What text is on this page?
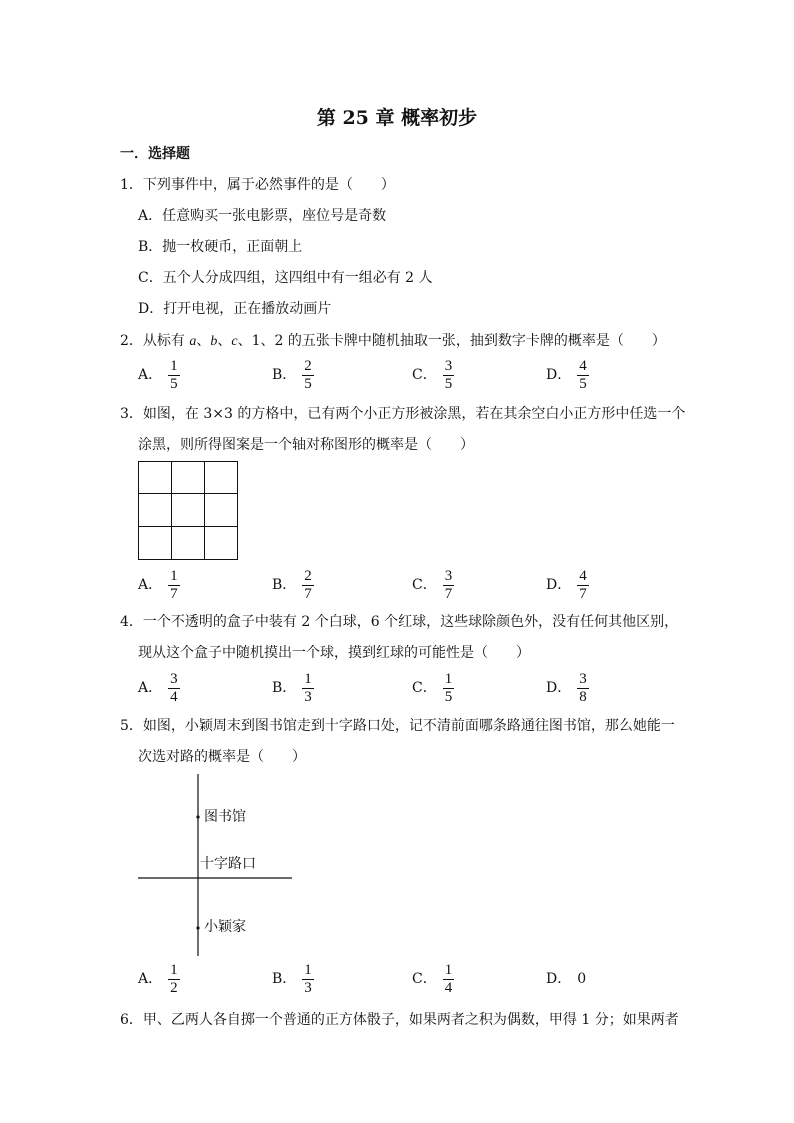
第 25 章 概率初步
一．选择题
1．下列事件中，属于必然事件的是（　　）
A．任意购买一张电影票，座位号是奇数
B．抛一枚硬币，正面朝上
C．五个人分成四组，这四组中有一组必有 2 人
D．打开电视，正在播放动画片
2．从标有 a、b、c、1、2 的五张卡牌中随机抽取一张，抽到数字卡牌的概率是（　　）
A． $\frac{1}{5}$	B． $\frac{2}{5}$	C． $\frac{3}{5}$	D． $\frac{4}{5}$
3．如图，在 3×3 的方格中，已有两个小正方形被涂黑，若在其余空白小正方形中任选一个
涂黑，则所得图案是一个轴对称图形的概率是（　　）
A． $\frac{1}{7}$	B． $\frac{2}{7}$	C． $\frac{3}{7}$	D． $\frac{4}{7}$
4．一个不透明的盒子中装有 2 个白球，6 个红球，这些球除颜色外，没有任何其他区别，
现从这个盒子中随机摸出一个球，摸到红球的可能性是（　　）
A． $\frac{3}{4}$	B． $\frac{1}{3}$	C． $\frac{1}{5}$	D． $\frac{3}{8}$
5．如图，小颖周末到图书馆走到十字路口处，记不清前面哪条路通往图书馆，那么她能一
次选对路的概率是（　　）
图书馆
十字路口
小颖家
A． $\frac{1}{2}$	B． $\frac{1}{3}$	C． $\frac{1}{4}$	D． 0
6．甲、乙两人各自掷一个普通的正方体骰子，如果两者之积为偶数，甲得 1 分；如果两者
